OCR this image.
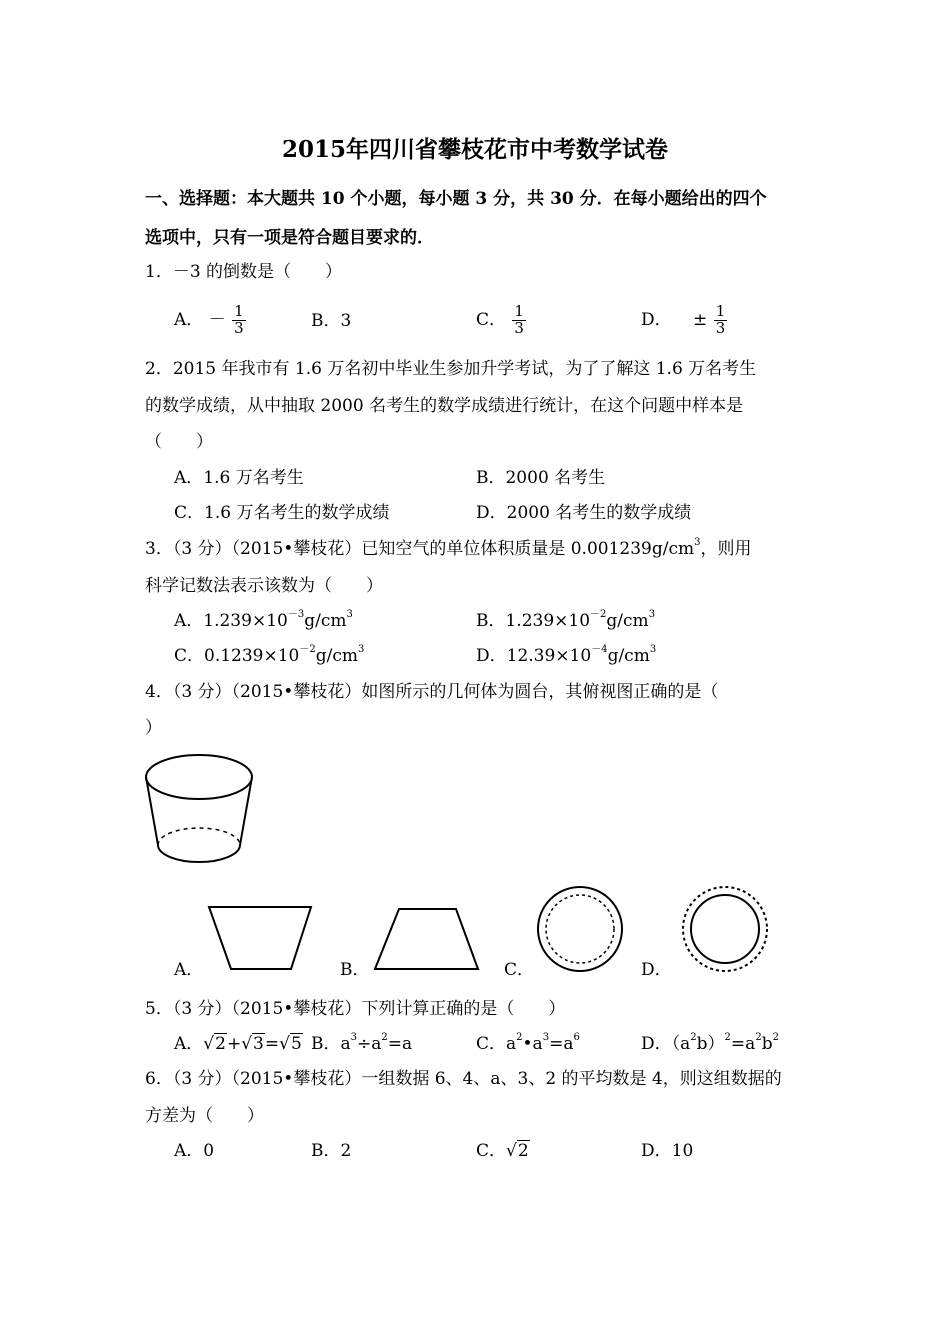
2015年四川省攀枝花市中考数学试卷
一、选择题：本大题共 10 个小题，每小题 3 分，共 30 分．在每小题给出的四个
选项中，只有一项是符合题目要求的．
1．－3 的倒数是（　　）
A． － $\frac{1}{3}$	B．3	C． $\frac{1}{3}$	D． ± $\frac{1}{3}$
2．2015 年我市有 1.6 万名初中毕业生参加升学考试，为了了解这 1.6 万名考生
的数学成绩，从中抽取 2000 名考生的数学成绩进行统计，在这个问题中样本是
（　　）
A．1.6 万名考生	B．2000 名考生
C．1.6 万名考生的数学成绩	D．2000 名考生的数学成绩
3．（3 分）（2015•攀枝花）已知空气的单位体积质量是 $0.001239g/cm^3$，则用
科学记数法表示该数为（　　）
A．$1.239\times 10^{-3}g/cm^3$	B．$1.239\times 10^{-2}g/cm^3$
C．$0.1239\times 10^{-2}g/cm^3$	D．$12.39\times 10^{-4}g/cm^3$
4．（3 分）（2015•攀枝花）如图所示的几何体为圆台，其俯视图正确的是（
）
A．	B．	C．	D．
5．（3 分）（2015•攀枝花）下列计算正确的是（　　）
A．√2+√3=√5 B．$a^3\div a^2=a$	C．$a^2•a^3=a^6$	D．$(a^2b)^2=a^2b^2$
6．（3 分）（2015•攀枝花）一组数据 6、4、a、3、2 的平均数是 4，则这组数据的
方差为（　　）
A．0	B．2	C．√2	D．10
